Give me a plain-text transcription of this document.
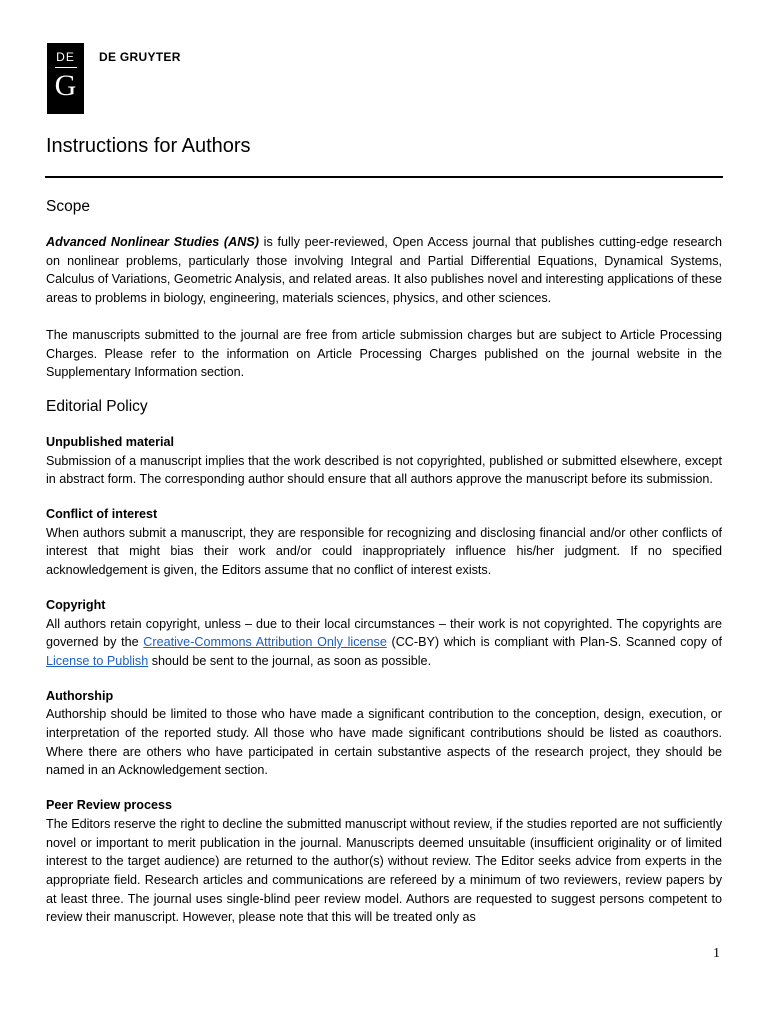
DE
G
DE GRUYTER
Instructions for Authors
Scope

Advanced Nonlinear Studies (ANS) is fully peer-reviewed, Open Access journal that publishes cutting-edge research on nonlinear problems, particularly those involving Integral and Partial Differential Equations, Dynamical Systems, Calculus of Variations, Geometric Analysis, and related areas. It also publishes novel and interesting applications of these areas to problems in biology, engineering, materials sciences, physics, and other sciences.

The manuscripts submitted to the journal are free from article submission charges but are subject to Article Processing Charges. Please refer to the information on Article Processing Charges published on the journal website in the Supplementary Information section.

Editorial Policy
Unpublished material

Submission of a manuscript implies that the work described is not copyrighted, published or submitted elsewhere, except in abstract form. The corresponding author should ensure that all authors approve the manuscript before its submission.

Conflict of interest

When authors submit a manuscript, they are responsible for recognizing and disclosing financial and/or other conflicts of interest that might bias their work and/or could inappropriately influence his/her judgment. If no specified acknowledgement is given, the Editors assume that no conflict of interest exists.

Copyright

All authors retain copyright, unless – due to their local circumstances – their work is not copyrighted. The copyrights are governed by the Creative-Commons Attribution Only license (CC-BY) which is compliant with Plan-S. Scanned copy of License to Publish should be sent to the journal, as soon as possible.

Authorship

Authorship should be limited to those who have made a significant contribution to the conception, design, execution, or interpretation of the reported study. All those who have made significant contributions should be listed as coauthors. Where there are others who have participated in certain substantive aspects of the research project, they should be named in an Acknowledgement section.

Peer Review process

The Editors reserve the right to decline the submitted manuscript without review, if the studies reported are not sufficiently novel or important to merit publication in the journal. Manuscripts deemed unsuitable (insufficient originality or of limited interest to the target audience) are returned to the author(s) without review. The Editor seeks advice from experts in the appropriate field. Research articles and communications are refereed by a minimum of two reviewers, review papers by at least three. The journal uses single-blind peer review model. Authors are requested to suggest persons competent to review their manuscript. However, please note that this will be treated only as

1
